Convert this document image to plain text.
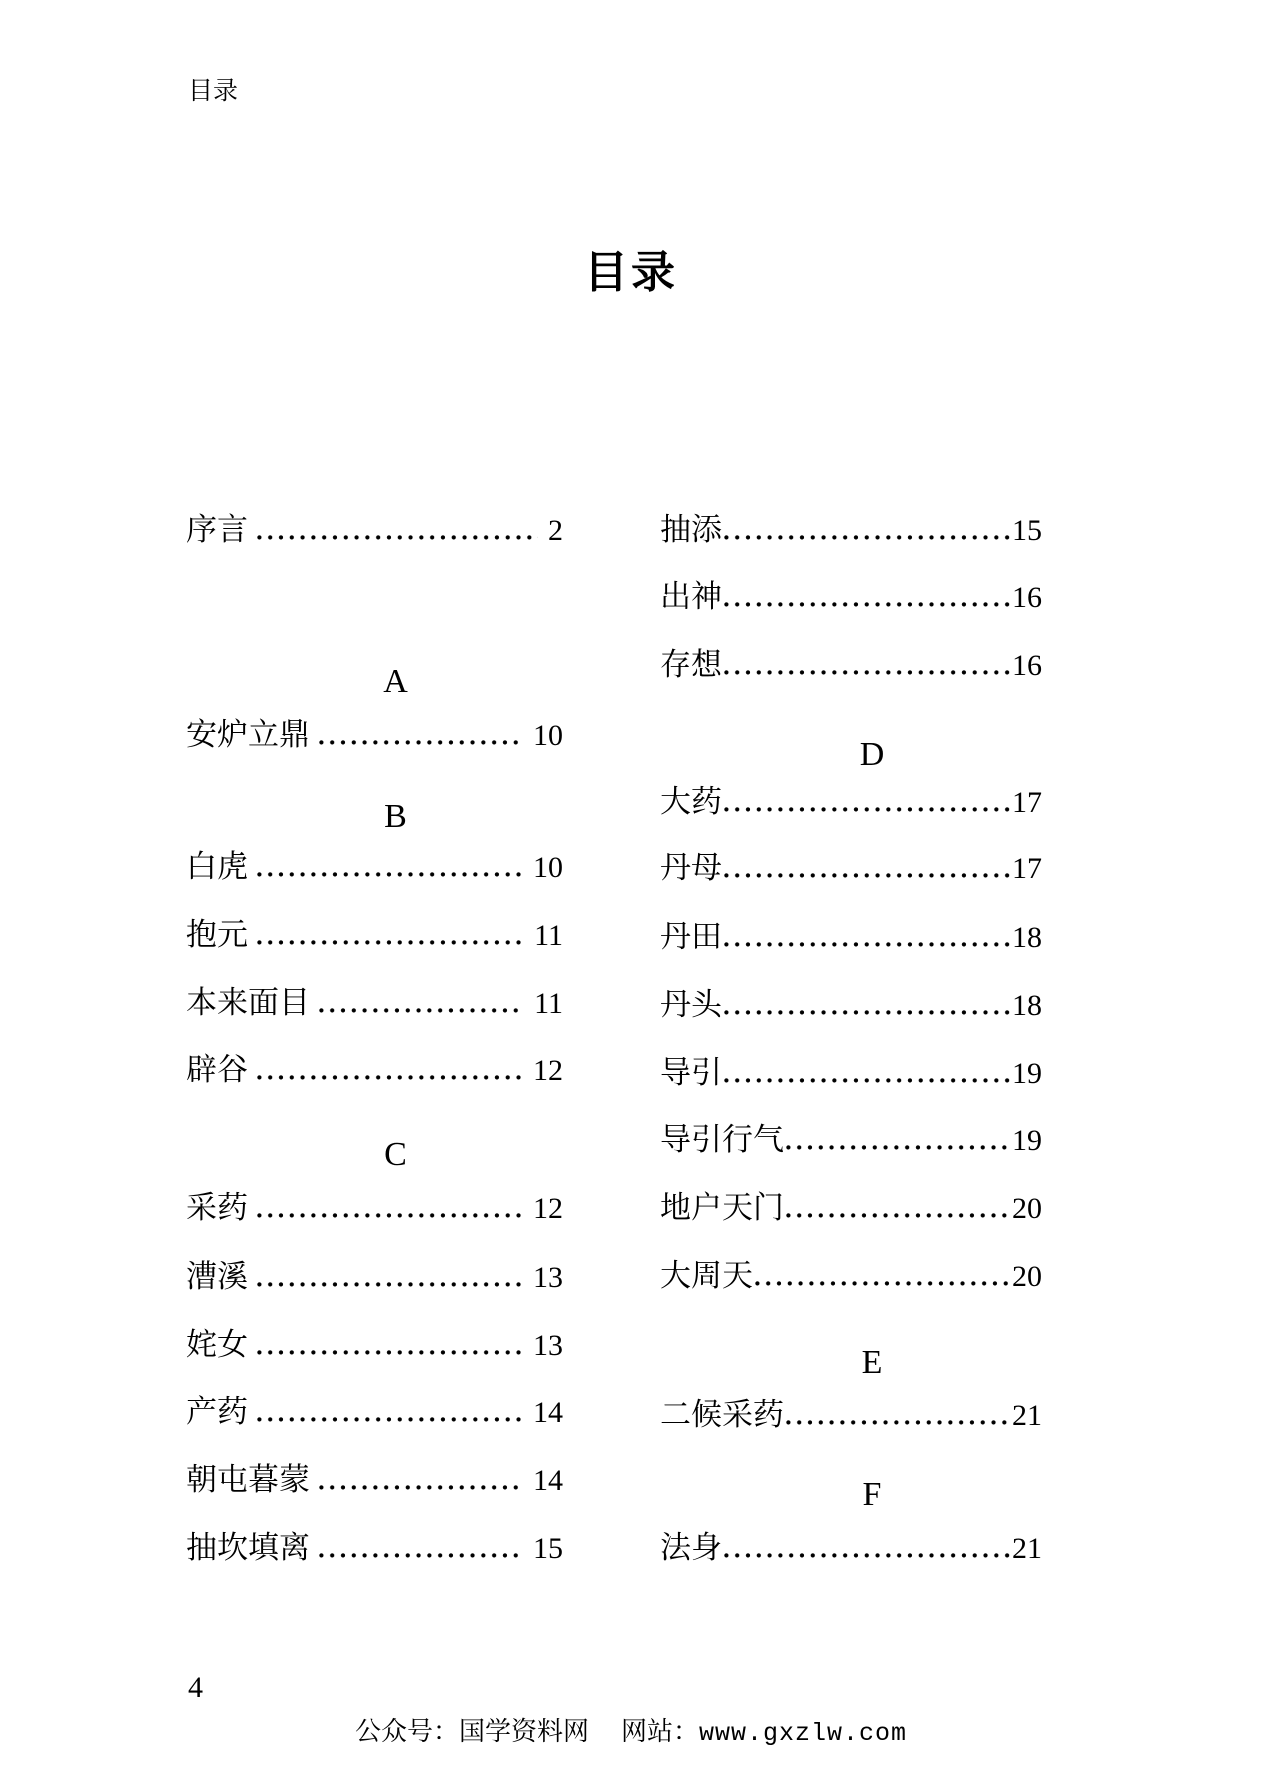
目录
目录
序言	2
A
安炉立鼎	10
B
白虎	10
抱元	11
本来面目	11
辟谷	12
C
采药	12
漕溪	13
姹女	13
产药	14
朝屯暮蒙	14
抽坎填离	15
抽添	15
出神	16
存想	16
D
大药	17
丹母	17
丹田	18
丹头	18
导引	19
导引行气	19
地户天门	20
大周天	20
E
二候采药	21
F
法身	21
4
公众号：国学资料网 网站：www.gxzlw.com
